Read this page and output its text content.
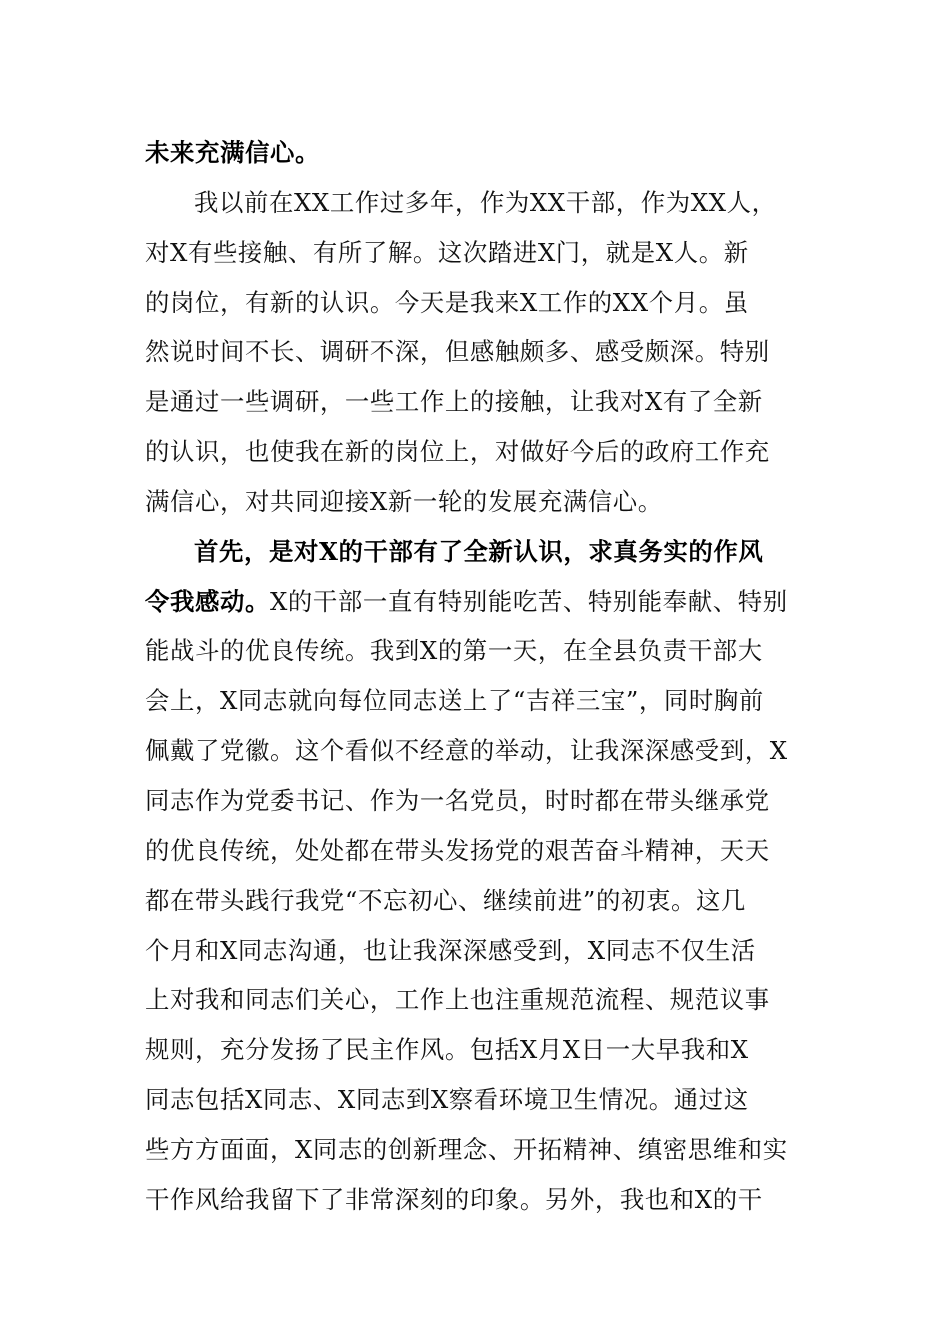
未来充满信心。
我以前在XX工作过多年，作为XX干部，作为XX人，
对X有些接触、有所了解。这次踏进X门，就是X人。新
的岗位，有新的认识。今天是我来X工作的XX个月。虽
然说时间不长、调研不深，但感触颇多、感受颇深。特别
是通过一些调研，一些工作上的接触，让我对X有了全新
的认识，也使我在新的岗位上，对做好今后的政府工作充
满信心，对共同迎接X新一轮的发展充满信心。
首先，是对X的干部有了全新认识，求真务实的作风
令我感动。X的干部一直有特别能吃苦、特别能奉献、特别
能战斗的优良传统。我到X的第一天，在全县负责干部大
会上，X同志就向每位同志送上了“吉祥三宝”，同时胸前
佩戴了党徽。这个看似不经意的举动，让我深深感受到，X
同志作为党委书记、作为一名党员，时时都在带头继承党
的优良传统，处处都在带头发扬党的艰苦奋斗精神，天天
都在带头践行我党“不忘初心、继续前进”的初衷。这几
个月和X同志沟通，也让我深深感受到，X同志不仅生活
上对我和同志们关心，工作上也注重规范流程、规范议事
规则，充分发扬了民主作风。包括X月X日一大早我和X
同志包括X同志、X同志到X察看环境卫生情况。通过这
些方方面面，X同志的创新理念、开拓精神、缜密思维和实
干作风给我留下了非常深刻的印象。另外，我也和X的干
